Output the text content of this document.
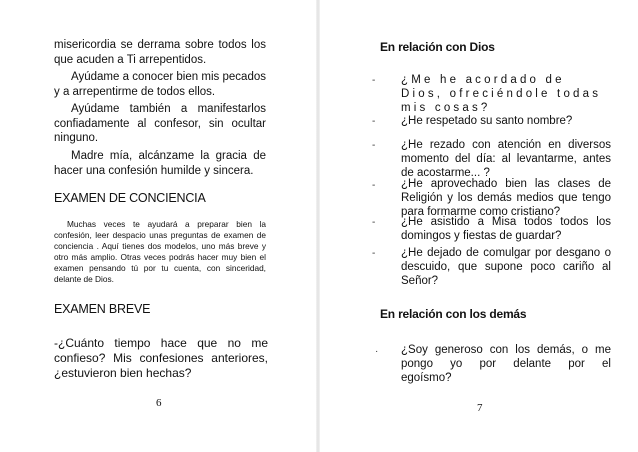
misericordia se derrama sobre todos los que acuden a Ti arrepentidos.
Ayúdame a conocer bien mis pecados y a arrepentirme de todos ellos.
Ayúdame también a manifestarlos confiadamente al confesor, sin ocultar ninguno.
Madre mía, alcánzame la gracia de hacer una confesión humilde y sincera.
EXAMEN DE CONCIENCIA
Muchas veces te ayudará a preparar bien la confesión, leer despacio unas preguntas de examen de conciencia . Aquí tienes dos modelos, uno más breve y otro más amplio. Otras veces podrás hacer muy bien el examen pensando tú por tu cuenta, con sinceridad, delante de Dios.
EXAMEN BREVE
-¿Cuánto tiempo hace que no me confieso? Mis confesiones anteriores, ¿estuvieron bien hechas?
6
En relación con Dios
- ¿Me he acordado de Dios, ofreciéndole todas mis cosas?
- ¿He respetado su santo nombre?
- ¿He rezado con atención en diversos momento del día: al levantarme, antes de acostarme... ?
- ¿He aprovechado bien las clases de Religión y los demás medios que tengo para formarme como cristiano?
- ¿He asistido a Misa todos todos los domingos y fiestas de guardar?
- ¿He dejado de comulgar por desgano o descuido, que supone poco cariño al Señor?
En relación con los demás
· ¿Soy generoso con los demás, o me pongo yo por delante por el egoísmo?
7
